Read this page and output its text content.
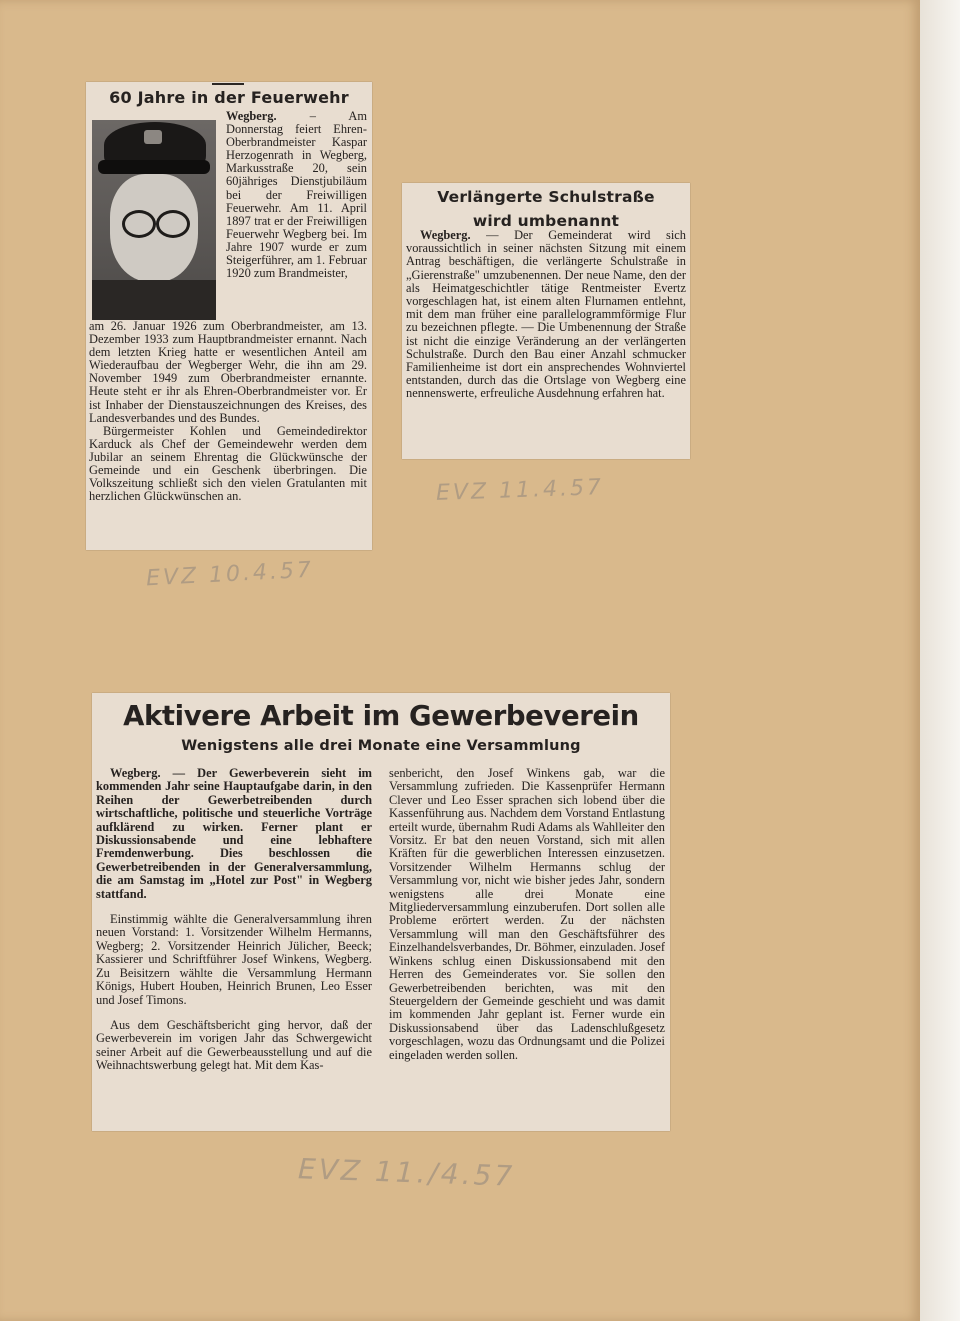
60 Jahre in der Feuerwehr

Wegberg.	– Am Donnerstag feiert Ehren-Oberbrandmeister Kaspar Herzogenrath in Wegberg, Markusstraße 20, sein 60jähriges Dienstjubiläum bei der Freiwilligen Feuerwehr. Am 11. April 1897 trat er der Freiwilligen Feuerwehr Wegberg bei. Im Jahre 1907 wurde er zum Steigerführer, am 1. Februar 1920 zum Brandmeister,

am 26. Januar 1926 zum Oberbrandmeister, am 13. Dezember 1933 zum Hauptbrandmeister ernannt. Nach dem letzten Krieg hatte er wesentlichen Anteil am Wiederaufbau der Wegberger Wehr, die ihn am 29. November 1949 zum Oberbrandmeister ernannte. Heute steht er ihr als Ehren-Oberbrandmeister vor. Er ist Inhaber der Dienstauszeichnungen des Kreises, des Landesverbandes und des Bundes.

Bürgermeister Kohlen und Gemeindedirektor Karduck als Chef der Gemeindewehr werden dem Jubilar an seinem Ehrentag die Glückwünsche der Gemeinde und ein Geschenk überbringen. Die Volkszeitung schließt sich den vielen Gratulanten mit herzlichen Glückwünschen an.

Verlängerte Schulstraße
wird umbenannt

Wegberg. — Der Gemeinderat wird sich voraussichtlich in seiner nächsten Sitzung mit einem Antrag beschäftigen, die verlängerte Schulstraße in „Gierenstraße" umzubenennen. Der neue Name, den der als Heimatgeschichtler tätige Rentmeister Evertz vorgeschlagen hat, ist einem alten Flurnamen entlehnt, mit dem man früher eine parallelogrammförmige Flur zu bezeichnen pflegte. — Die Umbenennung der Straße ist nicht die einzige Veränderung an der verlängerten Schulstraße. Durch den Bau einer Anzahl schmucker Familienheime ist dort ein ansprechendes Wohnviertel entstanden, durch das die Ortslage von Wegberg eine nennenswerte, erfreuliche Ausdehnung erfahren hat.

Aktivere Arbeit im Gewerbeverein
Wenigstens alle drei Monate eine Versammlung

Wegberg. — Der Gewerbeverein sieht im kommenden Jahr seine Hauptaufgabe darin, in den Reihen der Gewerbetreibenden durch wirtschaftliche, politische und steuerliche Vorträge aufklärend zu wirken. Ferner plant er Diskussionsabende und eine lebhaftere Fremdenwerbung. Dies beschlossen die Gewerbetreibenden in der Generalversammlung, die am Samstag im „Hotel zur Post" in Wegberg stattfand.

Einstimmig wählte die Generalversammlung ihren neuen Vorstand: 1. Vorsitzender Wilhelm Hermanns, Wegberg; 2. Vorsitzender Heinrich Jülicher, Beeck; Kassierer und Schriftführer Josef Winkens, Wegberg. Zu Beisitzern wählte die Versammlung Hermann Königs, Hubert Houben, Heinrich Brunen, Leo Esser und Josef Timons.

Aus dem Geschäftsbericht ging hervor, daß der Gewerbeverein im vorigen Jahr das Schwergewicht seiner Arbeit auf die Gewerbeausstellung und auf die Weihnachtswerbung gelegt hat. Mit dem Kas-

senbericht, den Josef Winkens gab, war die Versammlung zufrieden. Die Kassenprüfer Hermann Clever und Leo Esser sprachen sich lobend über die Kassenführung aus. Nachdem dem Vorstand Entlastung erteilt wurde, übernahm Rudi Adams als Wahlleiter den Vorsitz. Er bat den neuen Vorstand, sich mit allen Kräften für die gewerblichen Interessen einzusetzen. Vorsitzender Wilhelm Hermanns schlug der Versammlung vor, nicht wie bisher jedes Jahr, sondern wenigstens alle drei Monate eine Mitgliederversammlung einzuberufen. Dort sollen alle Probleme erörtert werden. Zu der nächsten Versammlung will man den Geschäftsführer des Einzelhandelsverbandes, Dr. Böhmer, einzuladen. Josef Winkens schlug einen Diskussionsabend mit den Herren des Gemeinderates vor. Sie sollen den Gewerbetreibenden berichten, was mit den Steuergeldern der Gemeinde geschieht und was damit im kommenden Jahr geplant ist. Ferner wurde ein Diskussionsabend über das Ladenschlußgesetz vorgeschlagen, wozu das Ordnungsamt und die Polizei eingeladen werden sollen.

EVZ 11.4.57
EVZ 10.4.57
EVZ 11./4.57
